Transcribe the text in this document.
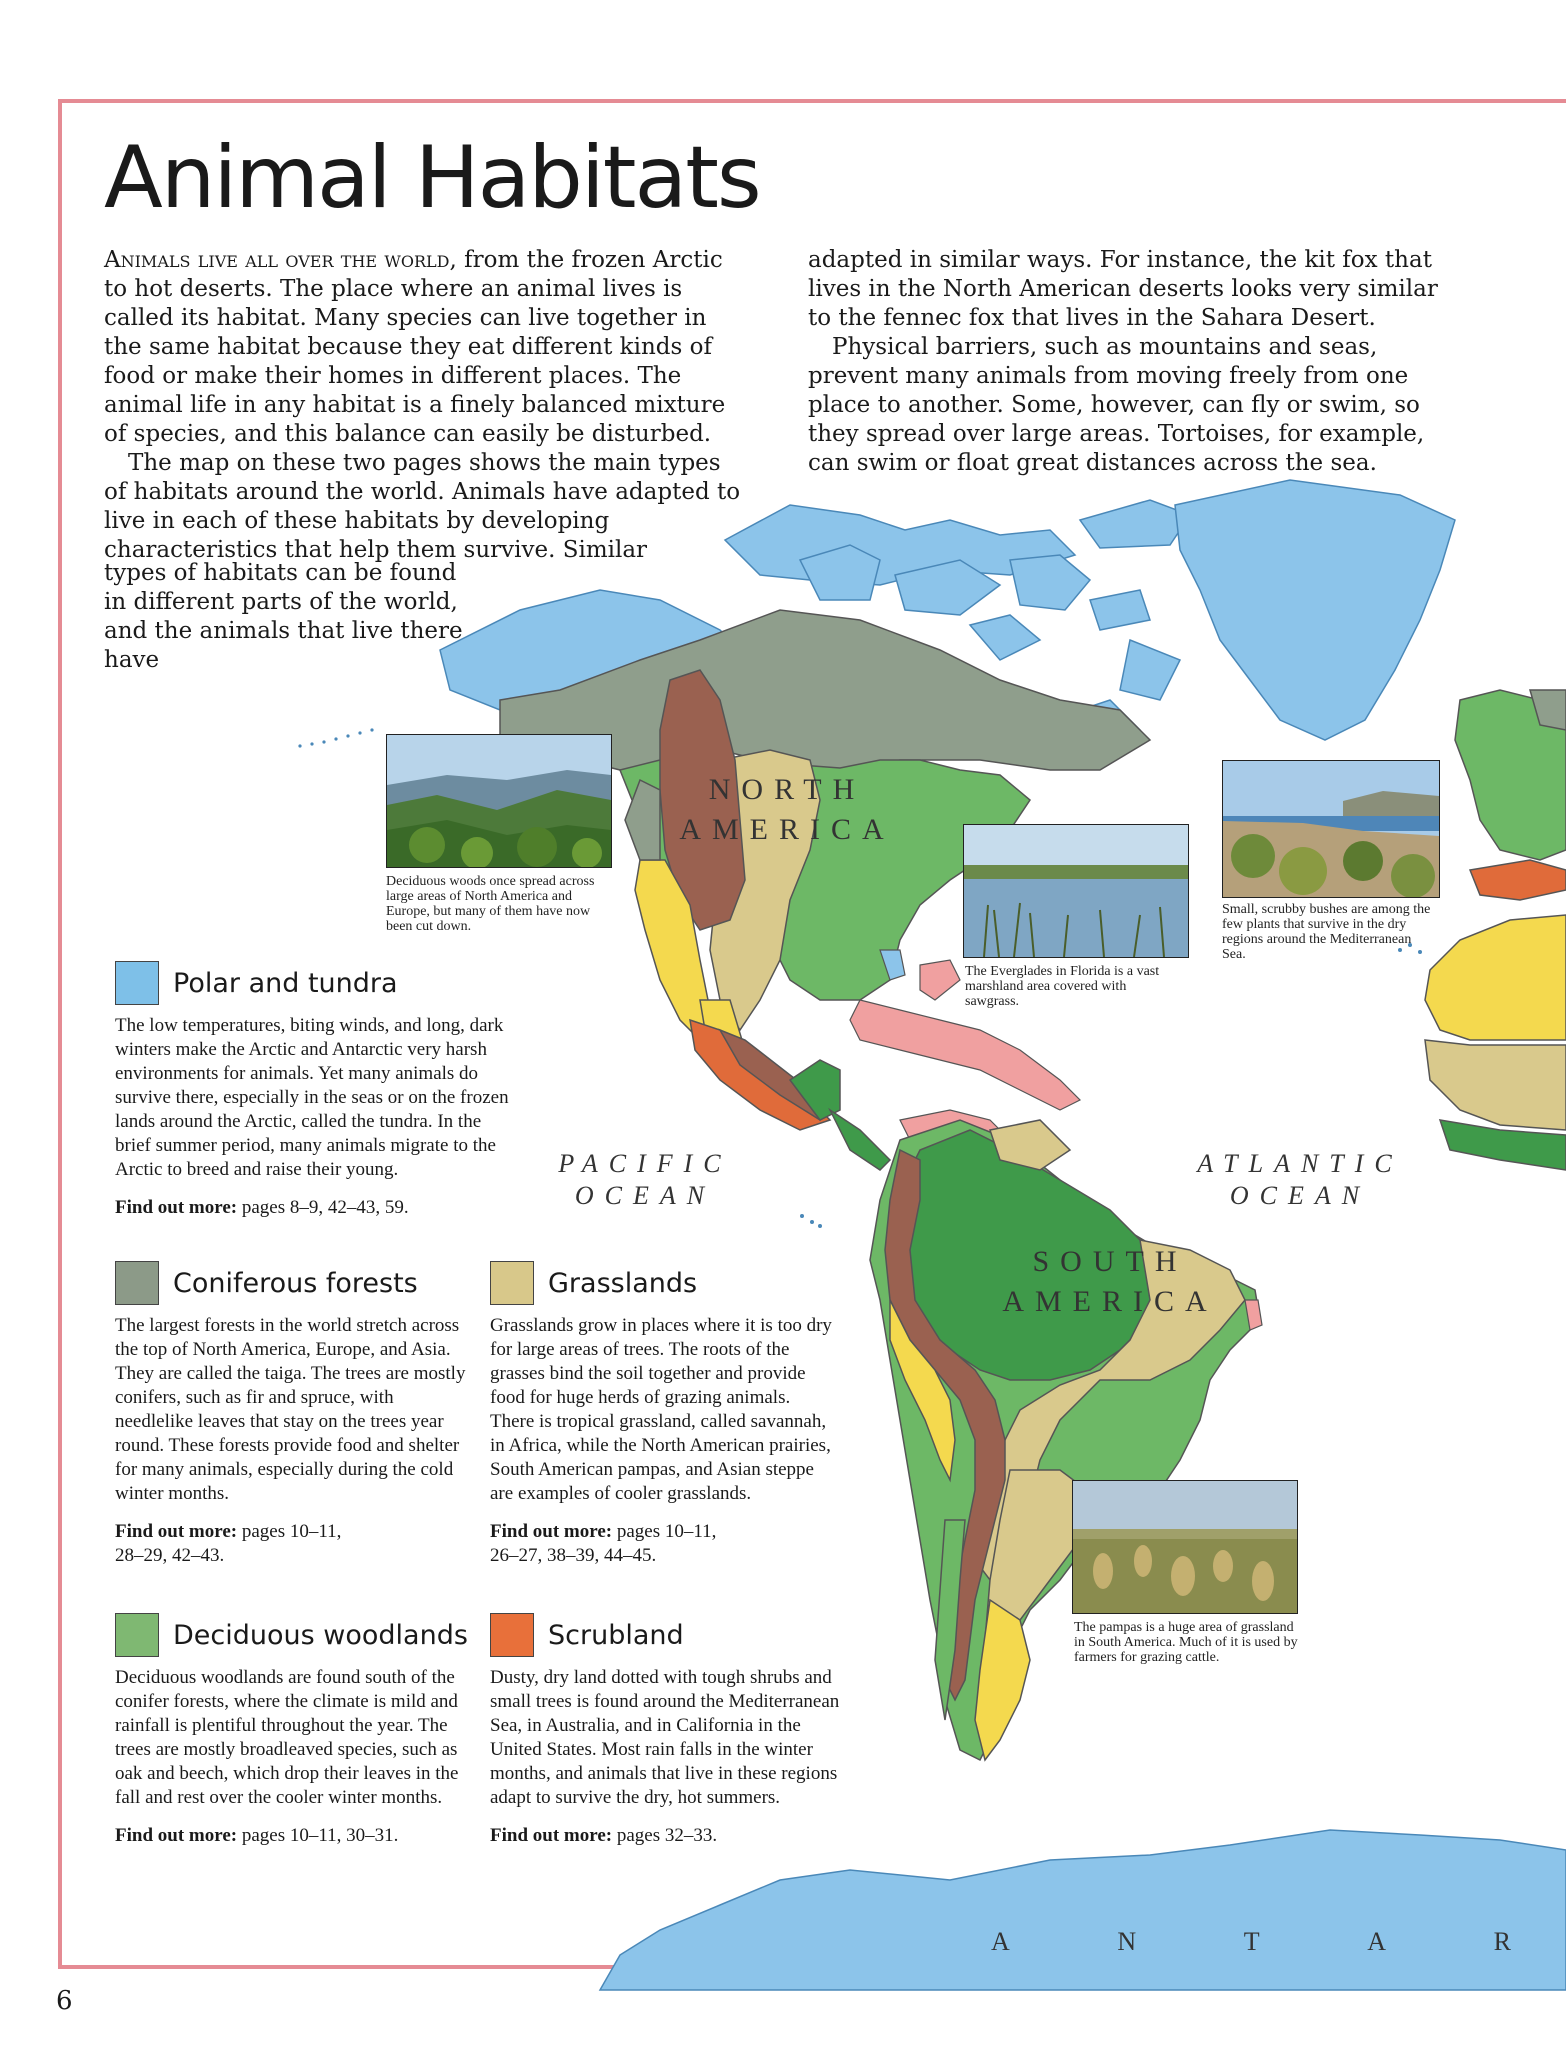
Animal Habitats

Animals live all over the world, from the frozen Arctic to hot deserts. The place where an animal lives is called its habitat. Many species can live together in the same habitat because they eat different kinds of food or make their homes in different places. The animal life in any habitat is a finely balanced mixture of species, and this balance can easily be disturbed.

The map on these two pages shows the main types of habitats around the world. Animals have adapted to live in each of these habitats by developing characteristics that help them survive. Similar

types of habitats can be found in different parts of the world, and the animals that live there have

adapted in similar ways. For instance, the kit fox that lives in the North American deserts looks very similar to the fennec fox that lives in the Sahara Desert.

Physical barriers, such as mountains and seas, prevent many animals from moving freely from one place to another. Some, however, can fly or swim, so they spread over large areas. Tortoises, for example, can swim or float great distances across the sea.

NORTH
AMERICA
SOUTH
AMERICA
PACIFIC
OCEAN
ATLANTIC
OCEAN
A	N	T	A	R
Deciduous woods once spread across large areas of North America and Europe, but many of them have now been cut down.
The Everglades in Florida is a vast marshland area covered with sawgrass.
Small, scrubby bushes are among the few plants that survive in the dry regions around the Mediterranean Sea.
The pampas is a huge area of grassland in South America. Much of it is used by farmers for grazing cattle.
Polar and tundra

The low temperatures, biting winds, and long, dark winters make the Arctic and Antarctic very harsh environments for animals. Yet many animals do survive there, especially in the seas or on the frozen lands around the Arctic, called the tundra. In the brief summer period, many animals migrate to the Arctic to breed and raise their young.

Find out more: pages 8–9, 42–43, 59.

Coniferous forests

The largest forests in the world stretch across the top of North America, Europe, and Asia. They are called the taiga. The trees are mostly conifers, such as fir and spruce, with needlelike leaves that stay on the trees year round. These forests provide food and shelter for many animals, especially during the cold winter months.

Find out more: pages 10–11,
28–29, 42–43.

Grasslands

Grasslands grow in places where it is too dry for large areas of trees. The roots of the grasses bind the soil together and provide food for huge herds of grazing animals. There is tropical grassland, called savannah, in Africa, while the North American prairies, South American pampas, and Asian steppe are examples of cooler grasslands.

Find out more: pages 10–11,
26–27, 38–39, 44–45.

Deciduous woodlands

Deciduous woodlands are found south of the conifer forests, where the climate is mild and rainfall is plentiful throughout the year. The trees are mostly broadleaved species, such as oak and beech, which drop their leaves in the fall and rest over the cooler winter months.

Find out more: pages 10–11, 30–31.

Scrubland

Dusty, dry land dotted with tough shrubs and small trees is found around the Mediterranean Sea, in Australia, and in California in the United States. Most rain falls in the winter months, and animals that live in these regions adapt to survive the dry, hot summers.

Find out more: pages 32–33.

6
